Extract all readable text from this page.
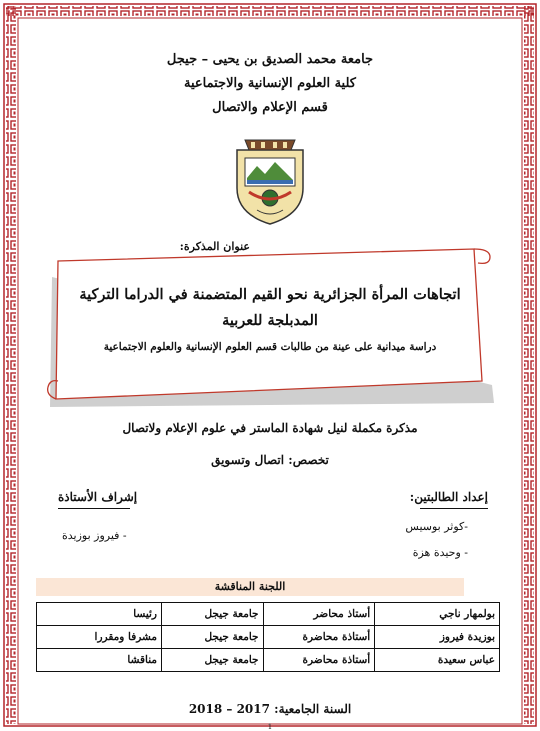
جامعة محمد الصديق بن يحيى – جيجل
كلية العلوم الإنسانية والاجتماعية
قسم الإعلام والاتصال
عنوان المذكرة:
اتجاهات المرأة الجزائرية نحو القيم المتضمنة في الدراما التركية
المدبلجة للعربية
دراسة ميدانية على عينة من طالبات قسم العلوم الإنسانية والعلوم الاجتماعية
مذكرة مكملة لنيل شهادة الماستر في علوم الإعلام ولاتصال
تخصص: اتصال وتسويق
إعداد الطالبتين:
إشراف الأستاذة
-كوثر بوسيس
- وحيدة هزة
- فيروز بوزيدة
اللجنة المناقشة
بولمهار ناجي	أستاذ محاضر	جامعة جيجل	رئيسا
بوزيدة فيروز	أستاذة محاضرة	جامعة جيجل	مشرفا ومقررا
عباس سعيدة	أستاذة محاضرة	جامعة جيجل	مناقشا
السنة الجامعية: 2017 – 2018
1
